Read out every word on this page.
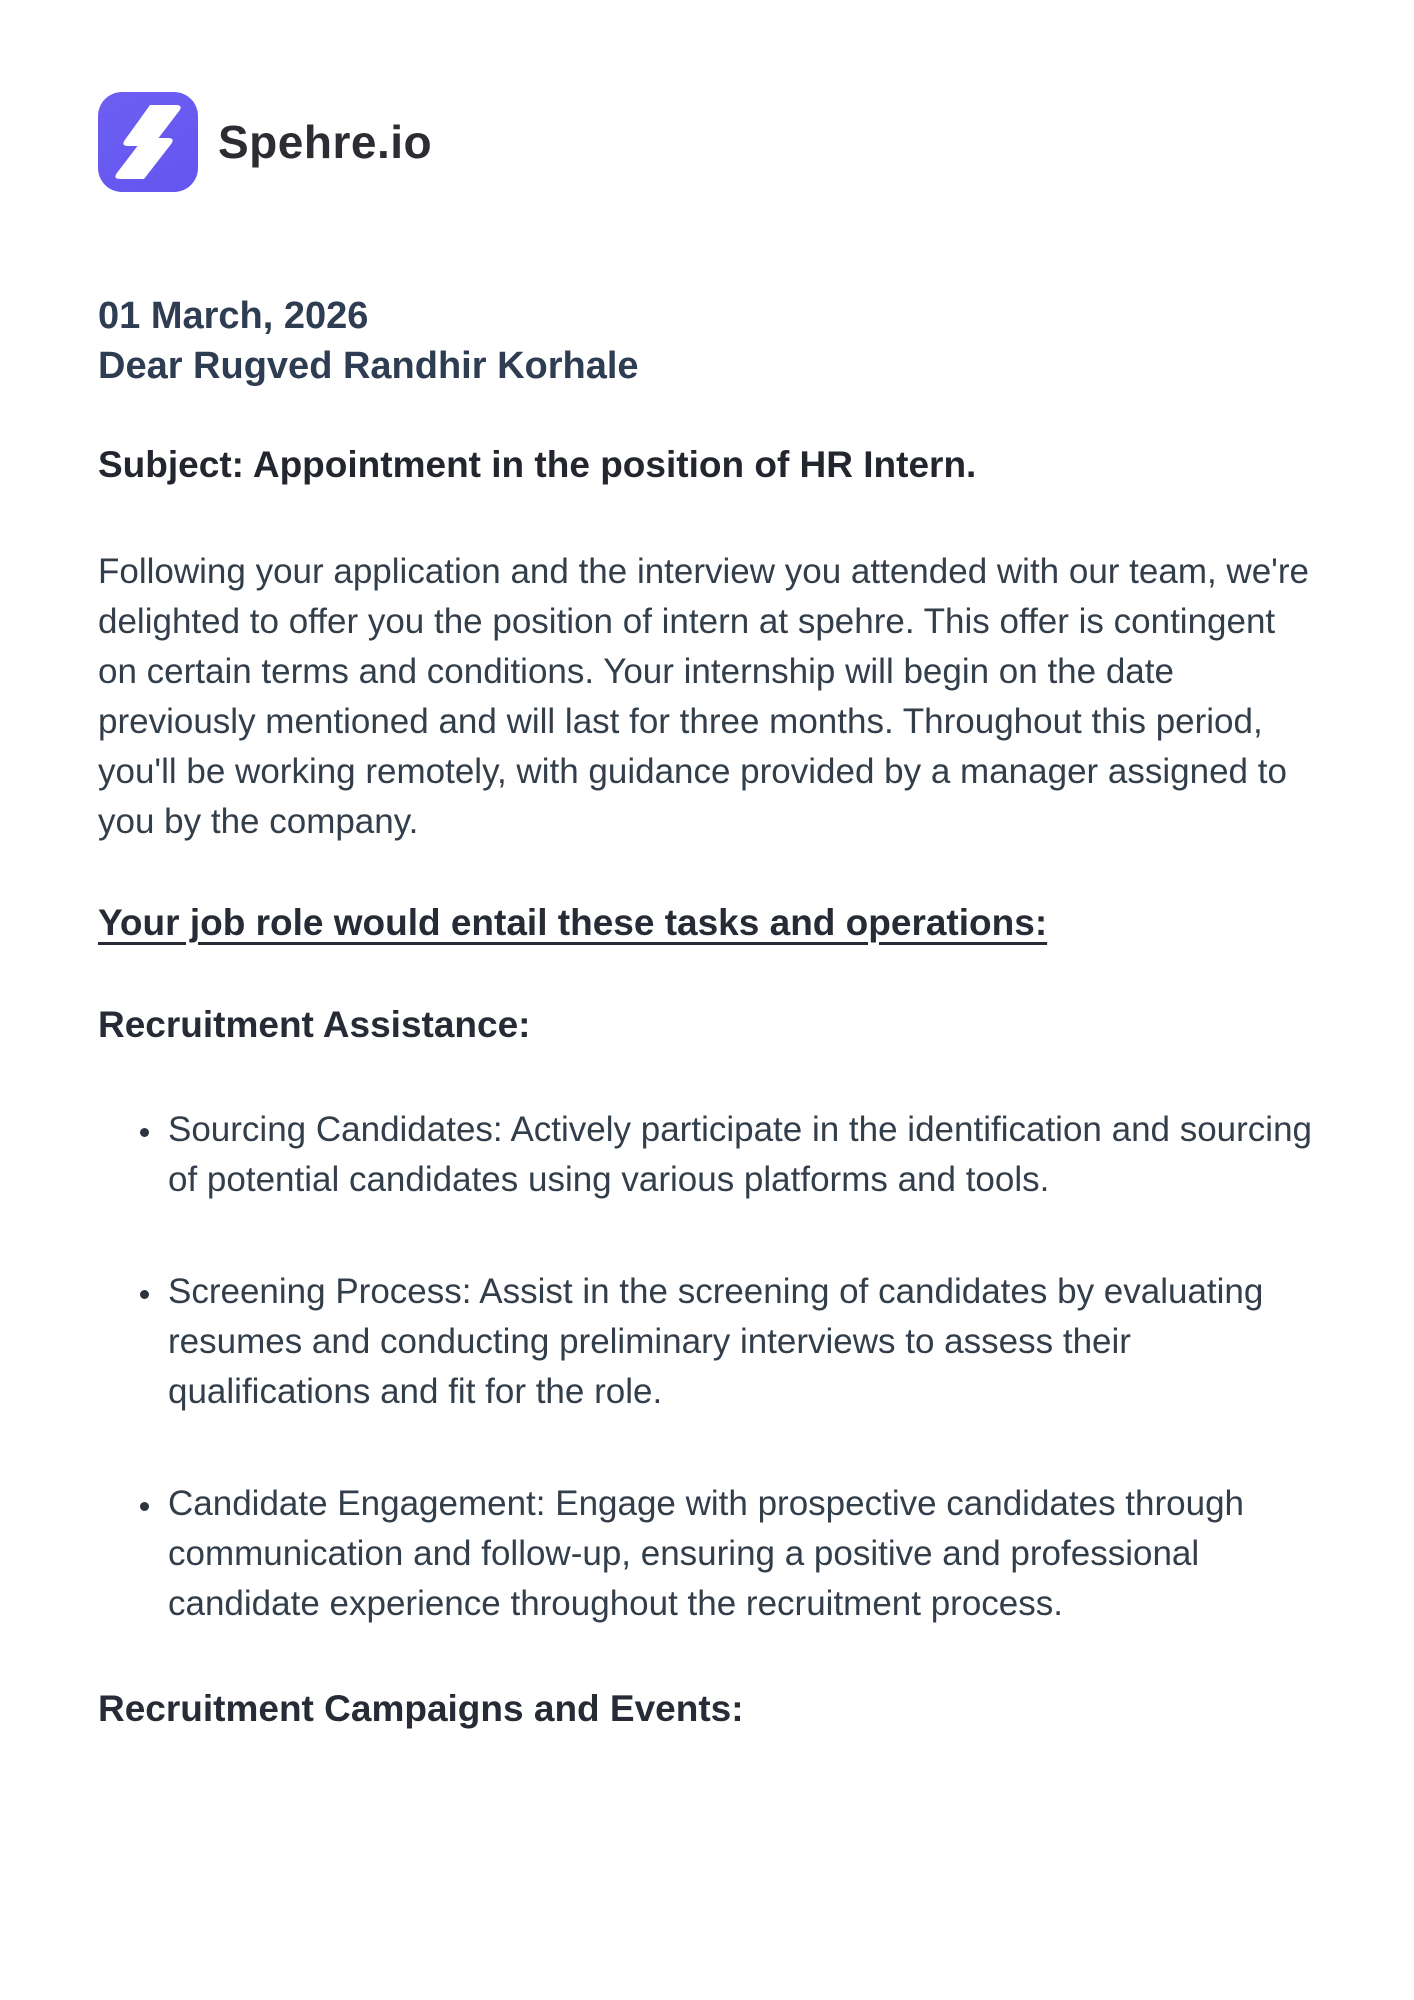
Spehre.io

01 March, 2026

Dear Rugved Randhir Korhale

Subject: Appointment in the position of HR Intern.

Following your application and the interview you attended with our team, we're delighted to offer you the position of intern at spehre. This offer is contingent on certain terms and conditions. Your internship will begin on the date previously mentioned and will last for three months. Throughout this period, you'll be working remotely, with guidance provided by a manager assigned to you by the company.

Your job role would entail these tasks and operations:
Recruitment Assistance:
• Sourcing Candidates: Actively participate in the identification and sourcing of potential candidates using various platforms and tools.
• Screening Process: Assist in the screening of candidates by evaluating resumes and conducting preliminary interviews to assess their qualifications and fit for the role.
• Candidate Engagement: Engage with prospective candidates through communication and follow-up, ensuring a positive and professional candidate experience throughout the recruitment process.
Recruitment Campaigns and Events:
